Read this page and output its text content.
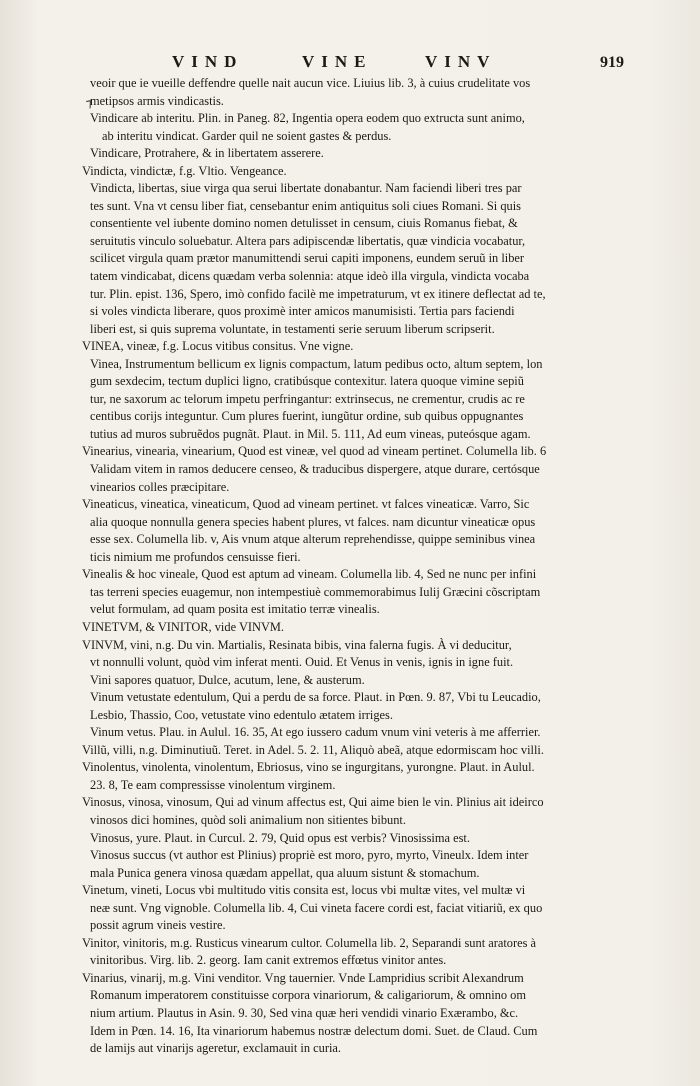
VIND	VINE	VINV	919
⁊
veoir que ie vueille deffendre quelle nait aucun vice. Liuius lib. 3, à cuius crudelitate vos
metipsos armis vindicastis.
Vindicare ab interitu. Plin. in Paneg. 82, Ingentia opera eodem quo extructa sunt animo,
ab interitu vindicat. Garder quil ne soient gastes & perdus.
Vindicare, Protrahere, & in libertatem asserere.
Vindicta, vindictæ, f.g. Vltio. Vengeance.
Vindicta, libertas, siue virga qua serui libertate donabantur. Nam faciendi liberi tres par
tes sunt. Vna vt censu liber fiat, censebantur enim antiquitus soli ciues Romani. Si quis
consentiente vel iubente domino nomen detulisset in censum, ciuis Romanus fiebat, &
seruitutis vinculo soluebatur. Altera pars adipiscendæ libertatis, quæ vindicia vocabatur,
scilicet virgula quam prætor manumittendi serui capiti imponens, eundem seruũ in liber
tatem vindicabat, dicens quædam verba solennia: atque ideò illa virgula, vindicta vocaba
tur. Plin. epist. 136, Spero, imò confido facilè me impetraturum, vt ex itinere deflectat ad te,
si voles vindicta liberare, quos proximè inter amicos manumisisti. Tertia pars faciendi
liberi est, si quis suprema voluntate, in testamenti serie seruum liberum scripserit.
VINEA, vineæ, f.g. Locus vitibus consitus. Vne vigne.
Vinea, Instrumentum bellicum ex lignis compactum, latum pedibus octo, altum septem, lon
gum sexdecim, tectum duplici ligno, cratibúsque contexitur. latera quoque vimine sepiũ
tur, ne saxorum ac telorum impetu perfringantur: extrinsecus, ne crementur, crudis ac re
centibus corijs integuntur. Cum plures fuerint, iungũtur ordine, sub quibus oppugnantes
tutius ad muros subruẽdos pugnãt. Plaut. in Mil. 5. 111, Ad eum vineas, puteósque agam.
Vinearius, vinearia, vinearium, Quod est vineæ, vel quod ad vineam pertinet. Columella lib. 6
Validam vitem in ramos deducere censeo, & traducibus dispergere, atque durare, certósque
vinearios colles præcipitare.
Vineaticus, vineatica, vineaticum, Quod ad vineam pertinet. vt falces vineaticæ. Varro, Sic
alia quoque nonnulla genera species habent plures, vt falces. nam dicuntur vineaticæ opus
esse sex. Columella lib. v, Ais vnum atque alterum reprehendisse, quippe seminibus vinea
ticis nimium me profundos censuisse fieri.
Vinealis & hoc vineale, Quod est aptum ad vineam. Columella lib. 4, Sed ne nunc per infini
tas terreni species euagemur, non intempestiuè commemorabimus Iulij Græcini cõscriptam
velut formulam, ad quam posita est imitatio terræ vinealis.
VINETVM, & VINITOR, vide VINVM.
VINVM, vini, n.g. Du vin. Martialis, Resinata bibis, vina falerna fugis. À vi deducitur,
vt nonnulli volunt, quòd vim inferat menti. Ouid. Et Venus in venis, ignis in igne fuit.
Vini sapores quatuor, Dulce, acutum, lene, & austerum.
Vinum vetustate edentulum, Qui a perdu de sa force. Plaut. in Pœn. 9. 87, Vbi tu Leucadio,
Lesbio, Thassio, Coo, vetustate vino edentulo ætatem irriges.
Vinum vetus. Plau. in Aulul. 16. 35, At ego iussero cadum vnum vini veteris à me afferrier.
Villũ, villi, n.g. Diminutiuũ. Teret. in Adel. 5. 2. 11, Aliquò abeã, atque edormiscam hoc villi.
Vinolentus, vinolenta, vinolentum, Ebriosus, vino se ingurgitans, yurongne. Plaut. in Aulul.
23. 8, Te eam compressisse vinolentum virginem.
Vinosus, vinosa, vinosum, Qui ad vinum affectus est, Qui aime bien le vin. Plinius ait ideirco
vinosos dici homines, quòd soli animalium non sitientes bibunt.
Vinosus, yure. Plaut. in Curcul. 2. 79, Quid opus est verbis? Vinosissima est.
Vinosus succus (vt author est Plinius) propriè est moro, pyro, myrto, Vineulx. Idem inter
mala Punica genera vinosa quædam appellat, qua aluum sistunt & stomachum.
Vinetum, vineti, Locus vbi multitudo vitis consita est, locus vbi multæ vites, vel multæ vi
neæ sunt. Vng vignoble. Columella lib. 4, Cui vineta facere cordi est, faciat vitiariũ, ex quo
possit agrum vineis vestire.
Vinitor, vinitoris, m.g. Rusticus vinearum cultor. Columella lib. 2, Separandi sunt aratores à
vinitoribus. Virg. lib. 2. georg. Iam canit extremos effœtus vinitor antes.
Vinarius, vinarij, m.g. Vini venditor. Vng tauernier. Vnde Lampridius scribit Alexandrum
Romanum imperatorem constituisse corpora vinariorum, & caligariorum, & omnino om
nium artium. Plautus in Asin. 9. 30, Sed vina quæ heri vendidi vinario Exærambo, &c.
Idem in Pœn. 14. 16, Ita vinariorum habemus nostræ delectum domi. Suet. de Claud. Cum
de lamijs aut vinarijs ageretur, exclamauit in curia.
